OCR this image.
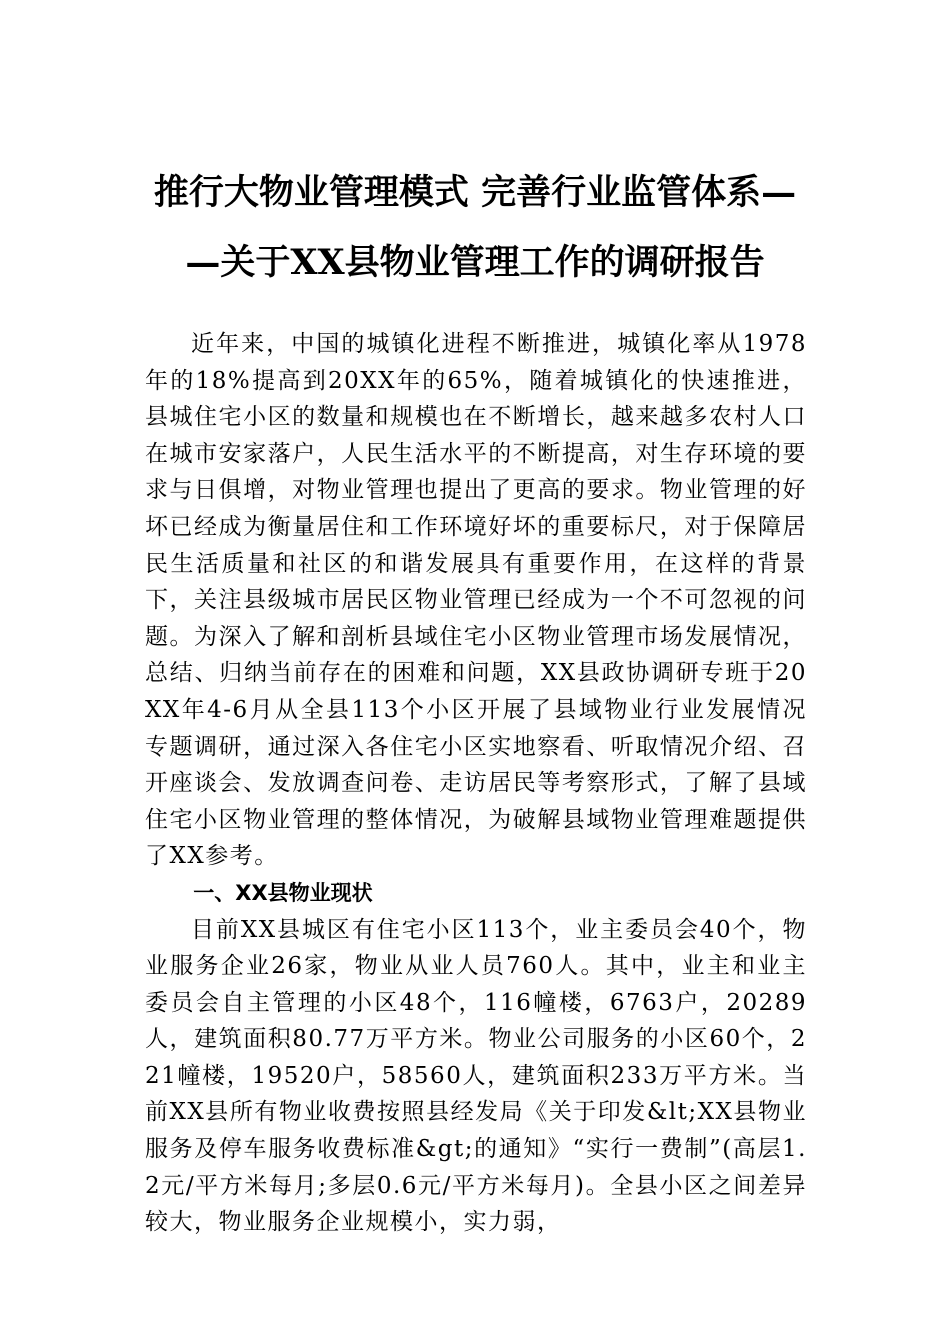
推行大物业管理模式 完善行业监管体系—
—关于XX县物业管理工作的调研报告

近年来，中国的城镇化进程不断推进，城镇化率从1978年的18%提高到20XX年的65%，随着城镇化的快速推进，县城住宅小区的数量和规模也在不断增长，越来越多农村人口在城市安家落户，人民生活水平的不断提高，对生存环境的要求与日俱增，对物业管理也提出了更高的要求。物业管理的好坏已经成为衡量居住和工作环境好坏的重要标尺，对于保障居民生活质量和社区的和谐发展具有重要作用，在这样的背景下，关注县级城市居民区物业管理已经成为一个不可忽视的问题。为深入了解和剖析县域住宅小区物业管理市场发展情况，总结、归纳当前存在的困难和问题，XX县政协调研专班于20XX年4-6月从全县113个小区开展了县域物业行业发展情况专题调研，通过深入各住宅小区实地察看、听取情况介绍、召开座谈会、发放调查问卷、走访居民等考察形式，了解了县域住宅小区物业管理的整体情况，为破解县域物业管理难题提供了XX参考。

一、XX县物业现状

目前XX县城区有住宅小区113个，业主委员会40个，物业服务企业26家，物业从业人员760人。其中，业主和业主委员会自主管理的小区48个，116幢楼，6763户，20289人，建筑面积80.77万平方米。物业公司服务的小区60个，221幢楼，19520户，58560人，建筑面积233万平方米。当前XX县所有物业收费按照县经发局《关于印发&lt;XX县物业服务及停车服务收费标准&gt;的通知》“实行一费制”(高层1.2元/平方米每月;多层0.6元/平方米每月)。全县小区之间差异较大，物业服务企业规模小，实力弱，
